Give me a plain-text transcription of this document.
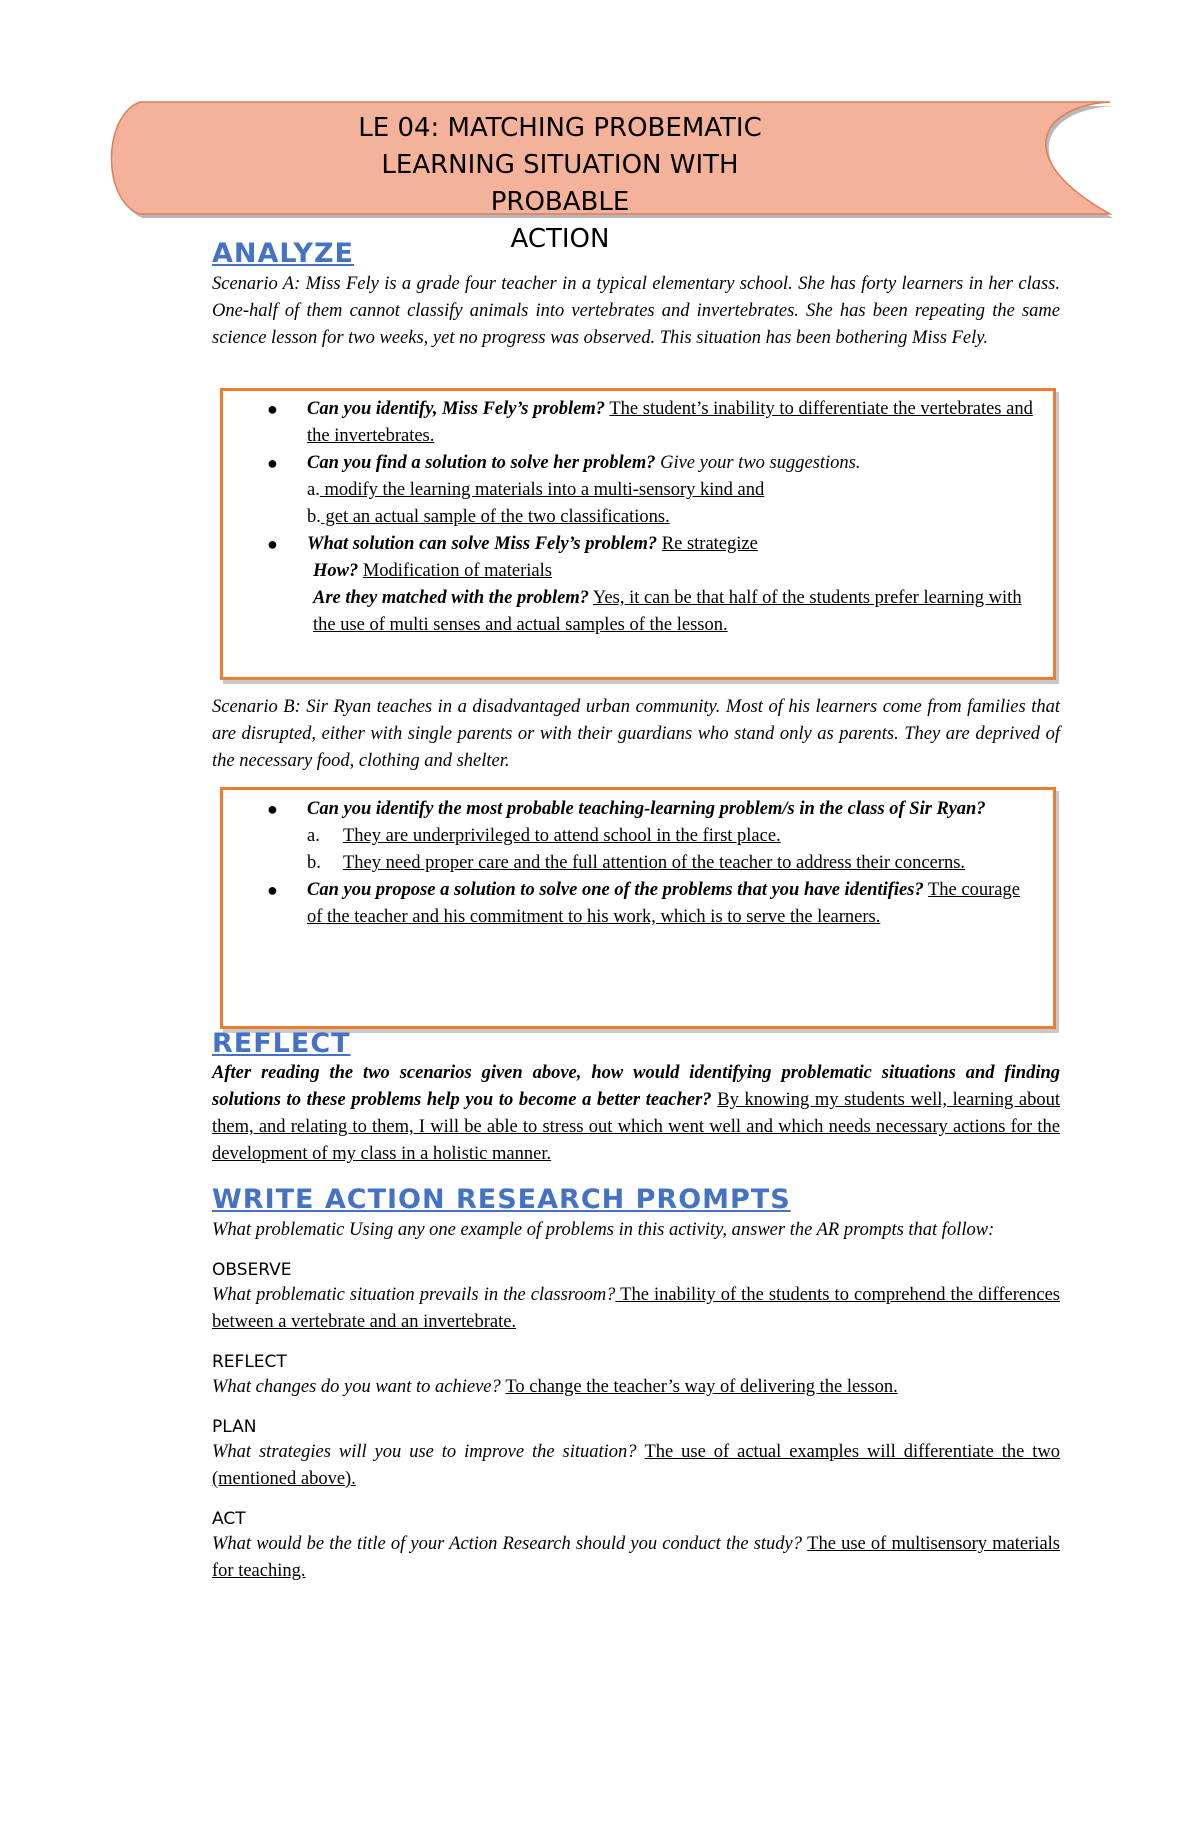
LE 04: MATCHING PROBEMATIC
LEARNING SITUATION WITH PROBABLE
ACTION
ANALYZE

Scenario A: Miss Fely is a grade four teacher in a typical elementary school. She has forty learners in her class. One-half of them cannot classify animals into vertebrates and invertebrates. She has been repeating the same science lesson for two weeks, yet no progress was observed. This situation has been bothering Miss Fely.

● Can you identify, Miss Fely’s problem? The student’s inability to differentiate the vertebrates and the invertebrates.
● Can you find a solution to solve her problem? Give your two suggestions.
a. modify the learning materials into a multi-sensory kind and
b. get an actual sample of the two classifications.
● What solution can solve Miss Fely’s problem? Re strategize
How? Modification of materials
Are they matched with the problem? Yes, it can be that half of the students prefer learning with the use of multi senses and actual samples of the lesson.

Scenario B: Sir Ryan teaches in a disadvantaged urban community. Most of his learners come from families that are disrupted, either with single parents or with their guardians who stand only as parents. They are deprived of the necessary food, clothing and shelter.

● Can you identify the most probable teaching-learning problem/s in the class of Sir Ryan?
a. They are underprivileged to attend school in the first place.
b. They need proper care and the full attention of the teacher to address their concerns.
● Can you propose a solution to solve one of the problems that you have identifies? The courage of the teacher and his commitment to his work, which is to serve the learners.
REFLECT

After reading the two scenarios given above, how would identifying problematic situations and finding solutions to these problems help you to become a better teacher? By knowing my students well, learning about them, and relating to them, I will be able to stress out which went well and which needs necessary actions for the development of my class in a holistic manner.

WRITE ACTION RESEARCH PROMPTS

What problematic Using any one example of problems in this activity, answer the AR prompts that follow:

OBSERVE

What problematic situation prevails in the classroom? The inability of the students to comprehend the differences between a vertebrate and an invertebrate.

REFLECT

What changes do you want to achieve? To change the teacher’s way of delivering the lesson.

PLAN

What strategies will you use to improve the situation? The use of actual examples will differentiate the two (mentioned above).

ACT

What would be the title of your Action Research should you conduct the study? The use of multisensory materials for teaching.
